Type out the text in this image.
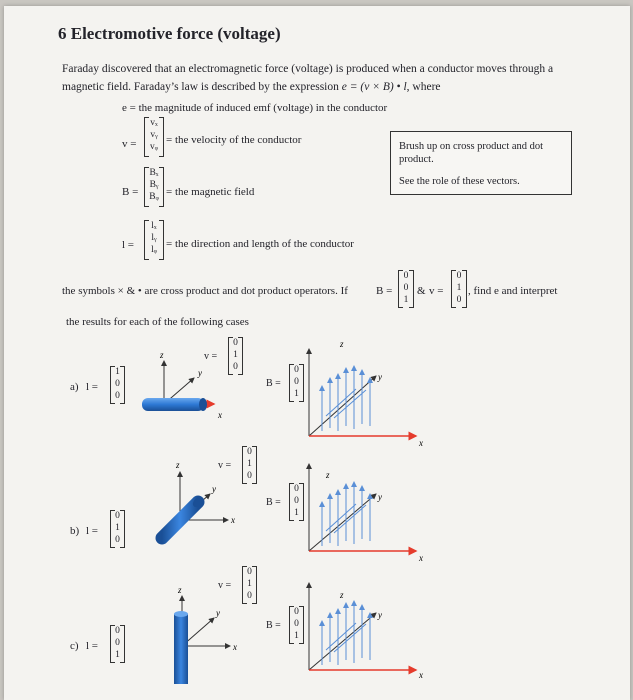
6 Electromotive force (voltage)
Faraday discovered that an electromagnetic force (voltage) is produced when a conductor moves through a
magnetic field. Faraday’s law is described by the expression e = (v × B) • l, where
e = the magnitude of induced emf (voltage) in the conductor
v =
vₓ
vᵧ
vᵩ
= the velocity of the conductor
B =
Bₓ
Bᵧ
Bᵩ = the magnetic field
l =
lₓ
lᵧ
lᵩ = the direction and length of the conductor
Brush up on cross product and dot product.
See the role of these vectors.
the symbols × & • are cross product and dot product operators. If	B =
0
0
1
& v =
0
1
0
, find e and interpret
the results for each of the following cases
a) l =
1
0
0
v =
0
1
0
B =
0
0
1
z
y
x
z
y
x
z
y
x
z
y
x
z
y
x
z
y
x
b) l =
0
1
0
v =
0
1
0
B =
0
0
1
c) l =
0
0
1
v =
0
1
0
B =
0
0
1
